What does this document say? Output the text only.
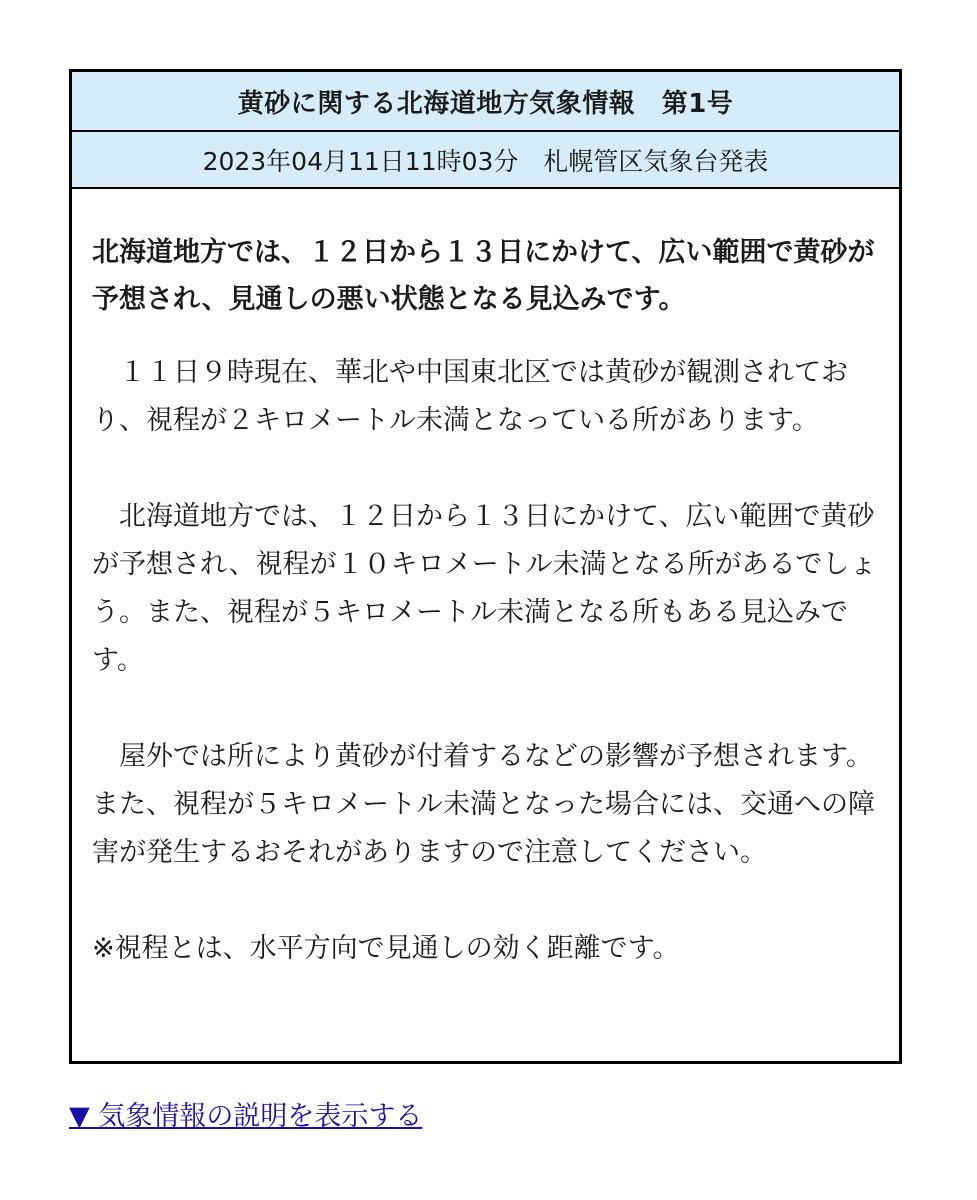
黄砂に関する北海道地方気象情報　第1号
2023年04月11日11時03分　札幌管区気象台発表

北海道地方では、１２日から１３日にかけて、広い範囲で黄砂が予想され、見通しの悪い状態となる見込みです。

　１１日９時現在、華北や中国東北区では黄砂が観測されており、視程が２キロメートル未満となっている所があります。

　北海道地方では、１２日から１３日にかけて、広い範囲で黄砂が予想され、視程が１０キロメートル未満となる所があるでしょう。また、視程が５キロメートル未満となる所もある見込みです。

　屋外では所により黄砂が付着するなどの影響が予想されます。また、視程が５キロメートル未満となった場合には、交通への障害が発生するおそれがありますので注意してください。

※視程とは、水平方向で見通しの効く距離です。

▼ 気象情報の説明を表示する
